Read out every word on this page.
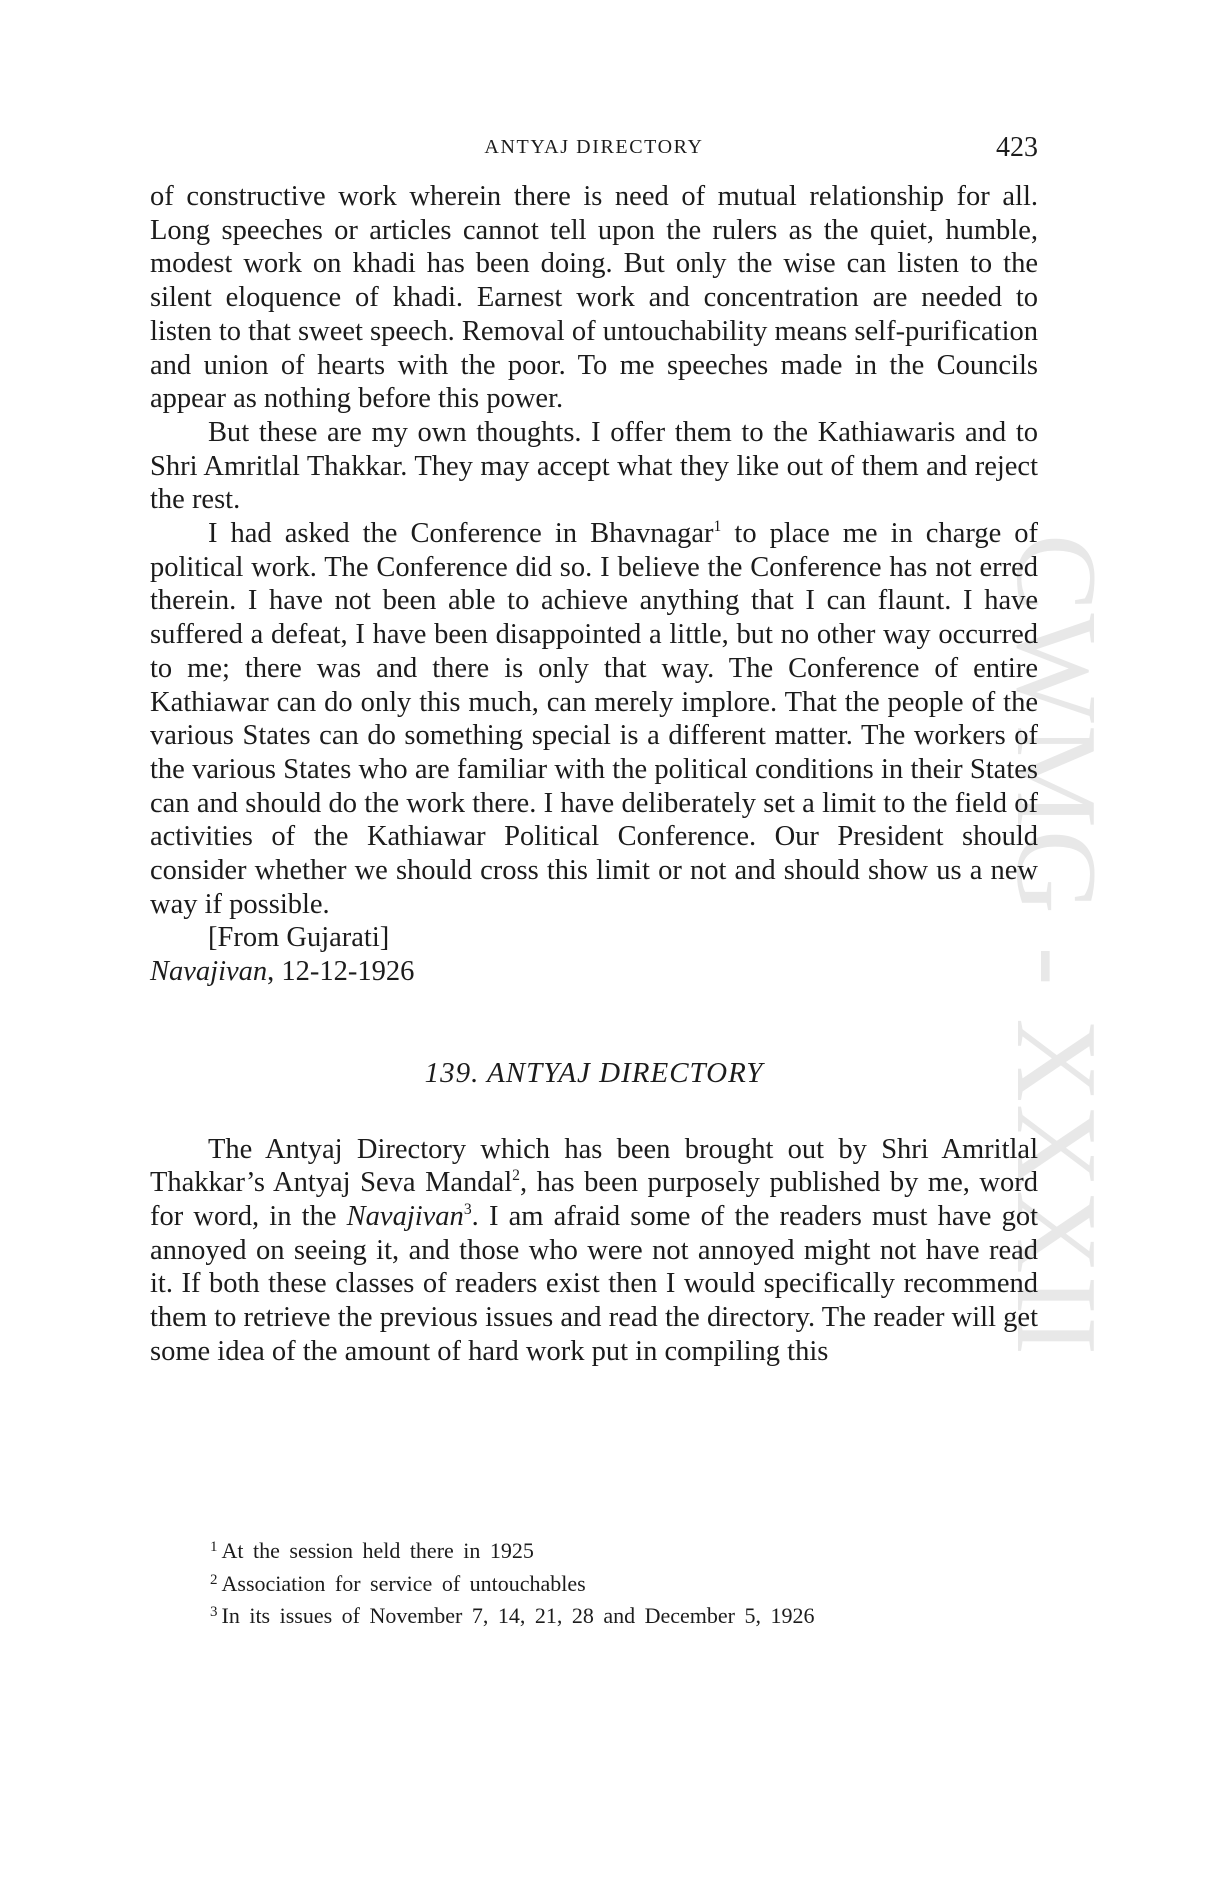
CWMG - XXXII
ANTYAJ DIRECTORY	423

of constructive work wherein there is need of mutual relationship for all. Long speeches or articles cannot tell upon the rulers as the quiet, humble, modest work on khadi has been doing. But only the wise can listen to the silent eloquence of khadi. Earnest work and concentration are needed to listen to that sweet speech. Removal of untouchability means self-purification and union of hearts with the poor. To me speeches made in the Councils appear as nothing before this power.

But these are my own thoughts. I offer them to the Kathiawaris and to Shri Amritlal Thakkar. They may accept what they like out of them and reject the rest.

I had asked the Conference in Bhavnagar$^1$ to place me in charge of political work. The Conference did so. I believe the Conference has not erred therein. I have not been able to achieve anything that I can flaunt. I have suffered a defeat, I have been disappointed a little, but no other way occurred to me; there was and there is only that way. The Conference of entire Kathiawar can do only this much, can merely implore. That the people of the various States can do something special is a different matter. The workers of the various States who are familiar with the political conditions in their States can and should do the work there. I have deliberately set a limit to the field of activities of the Kathiawar Political Conference. Our President should consider whether we should cross this limit or not and should show us a new way if possible.

[From Gujarati]

Navajivan, 12-12-1926

139. ANTYAJ DIRECTORY

The Antyaj Directory which has been brought out by Shri Amritlal Thakkar’s Antyaj Seva Mandal$^2$, has been purposely published by me, word for word, in the Navajivan$^3$. I am afraid some of the readers must have got annoyed on seeing it, and those who were not annoyed might not have read it. If both these classes of readers exist then I would specifically recommend them to retrieve the previous issues and read the directory. The reader will get some idea of the amount of hard work put in compiling this

$^1$ At the session held there in 1925

$^2$ Association for service of untouchables

$^3$ In its issues of November 7, 14, 21, 28 and December 5, 1926
